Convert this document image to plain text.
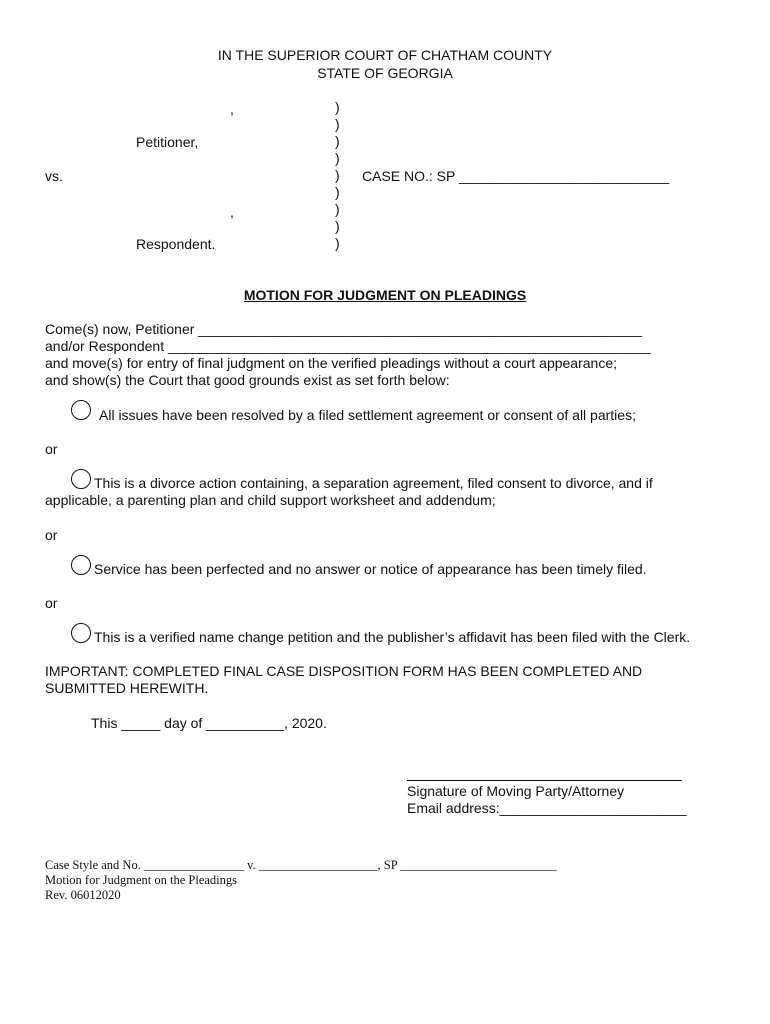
IN THE SUPERIOR COURT OF CHATHAM COUNTY
STATE OF GEORGIA
,
Petitioner,
vs.	CASE NO.: SP ___________________________
,
Respondent.
)
)
)
)
)
)
)
)
)
MOTION FOR JUDGMENT ON PLEADINGS
Come(s) now, Petitioner _________________________________________________________
and/or Respondent ______________________________________________________________
and move(s) for entry of final judgment on the verified pleadings without a court appearance;
and show(s) the Court that good grounds exist as set forth below:
All issues have been resolved by a filed settlement agreement or consent of all parties;
or
This is a divorce action containing, a separation agreement, filed consent to divorce, and if
applicable, a parenting plan and child support worksheet and addendum;
or
Service has been perfected and no answer or notice of appearance has been timely filed.
or
This is a verified name change petition and the publisher’s affidavit has been filed with the Clerk.
IMPORTANT: COMPLETED FINAL CASE DISPOSITION FORM HAS BEEN COMPLETED AND
SUBMITTED HEREWITH.
This _____ day of __________, 2020.
Signature of Moving Party/Attorney
Email address:________________________
Case Style and No. ________________ v. ___________________, SP _________________________
Motion for Judgment on the Pleadings
Rev. 06012020
